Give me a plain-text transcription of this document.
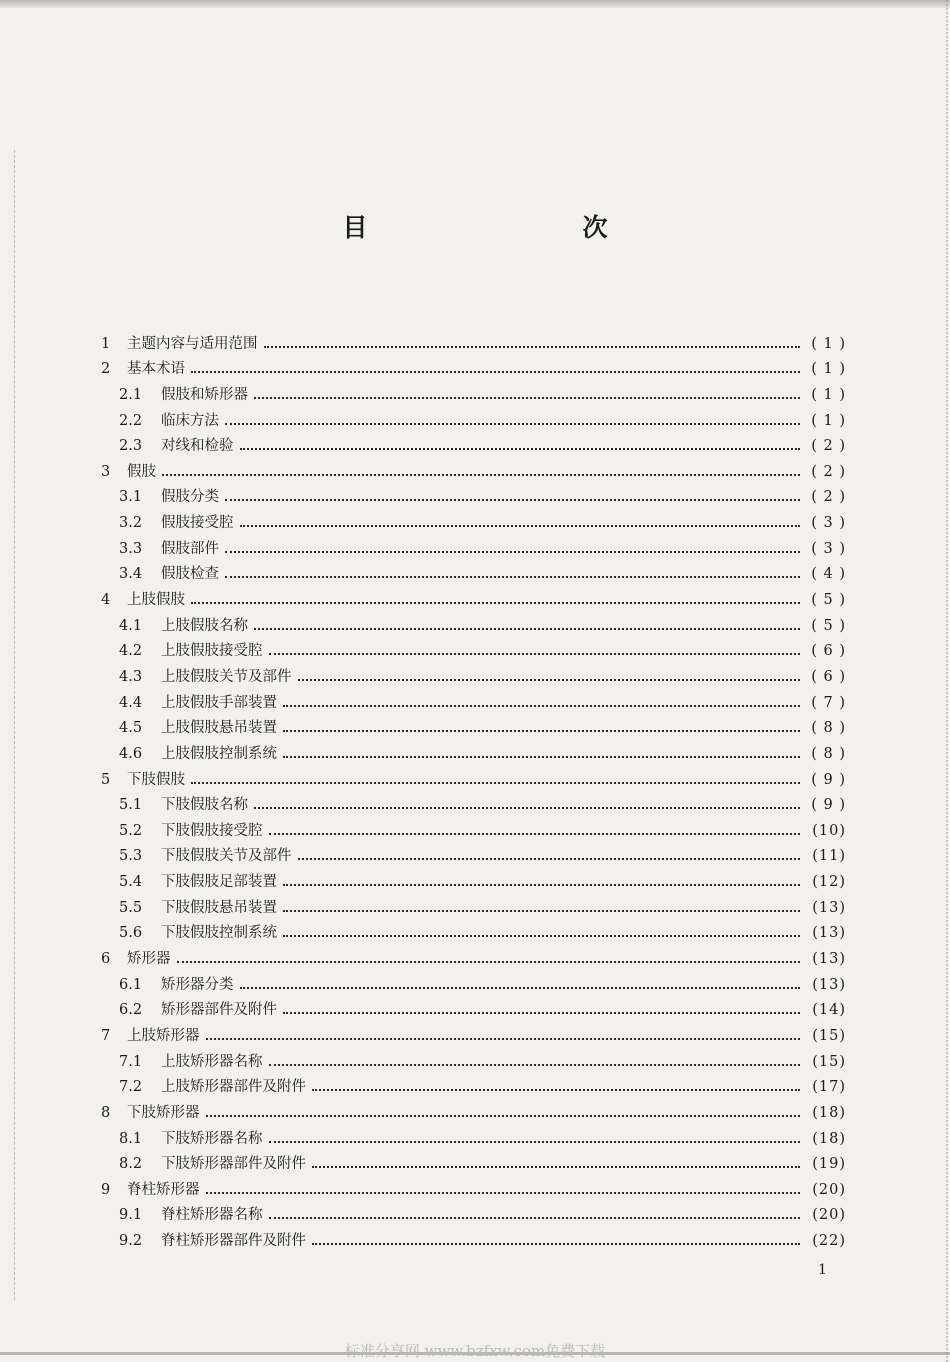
目　　次
1	主题内容与适用范围	( 1 )
2	基本术语	( 1 )
2.1	假肢和矫形器	( 1 )
2.2	临床方法	( 1 )
2.3	对线和检验	( 2 )
3	假肢	( 2 )
3.1	假肢分类	( 2 )
3.2	假肢接受腔	( 3 )
3.3	假肢部件	( 3 )
3.4	假肢检查	( 4 )
4	上肢假肢	( 5 )
4.1	上肢假肢名称	( 5 )
4.2	上肢假肢接受腔	( 6 )
4.3	上肢假肢关节及部件	( 6 )
4.4	上肢假肢手部装置	( 7 )
4.5	上肢假肢悬吊装置	( 8 )
4.6	上肢假肢控制系统	( 8 )
5	下肢假肢	( 9 )
5.1	下肢假肢名称	( 9 )
5.2	下肢假肢接受腔	(10)
5.3	下肢假肢关节及部件	(11)
5.4	下肢假肢足部装置	(12)
5.5	下肢假肢悬吊装置	(13)
5.6	下肢假肢控制系统	(13)
6	矫形器	(13)
6.1	矫形器分类	(13)
6.2	矫形器部件及附件	(14)
7	上肢矫形器	(15)
7.1	上肢矫形器名称	(15)
7.2	上肢矫形器部件及附件	(17)
8	下肢矫形器	(18)
8.1	下肢矫形器名称	(18)
8.2	下肢矫形器部件及附件	(19)
9	脊柱矫形器	(20)
9.1	脊柱矫形器名称	(20)
9.2	脊柱矫形器部件及附件	(22)
1
标准分享网 www.bzfxw.com免费下载
